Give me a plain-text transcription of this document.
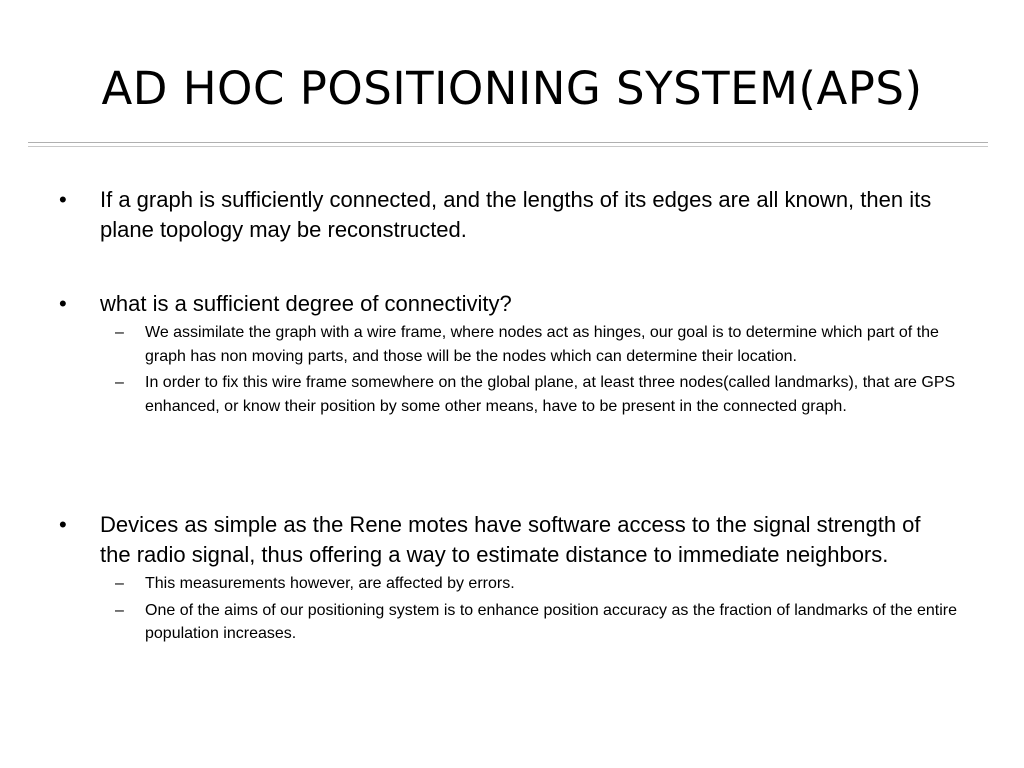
AD HOC POSITIONING SYSTEM(APS)
•	If a graph is sufficiently connected, and the lengths of its edges are all known, then its plane topology may be reconstructed.
•	what is a sufficient degree of connectivity?
– We assimilate the graph with a wire frame, where nodes act as hinges, our goal is to determine which part of the graph has non moving parts, and those will be the nodes which can determine their location.
– In order to fix this wire frame somewhere on the global plane, at least three nodes(called landmarks), that are GPS enhanced, or know their position by some other means, have to be present in the connected graph.
•	Devices as simple as the Rene motes have software access to the signal strength of the radio signal, thus offering a way to estimate distance to immediate neighbors.
– This measurements however, are affected by errors.
– One of the aims of our positioning system is to enhance position accuracy as the fraction of landmarks of the entire population increases.
